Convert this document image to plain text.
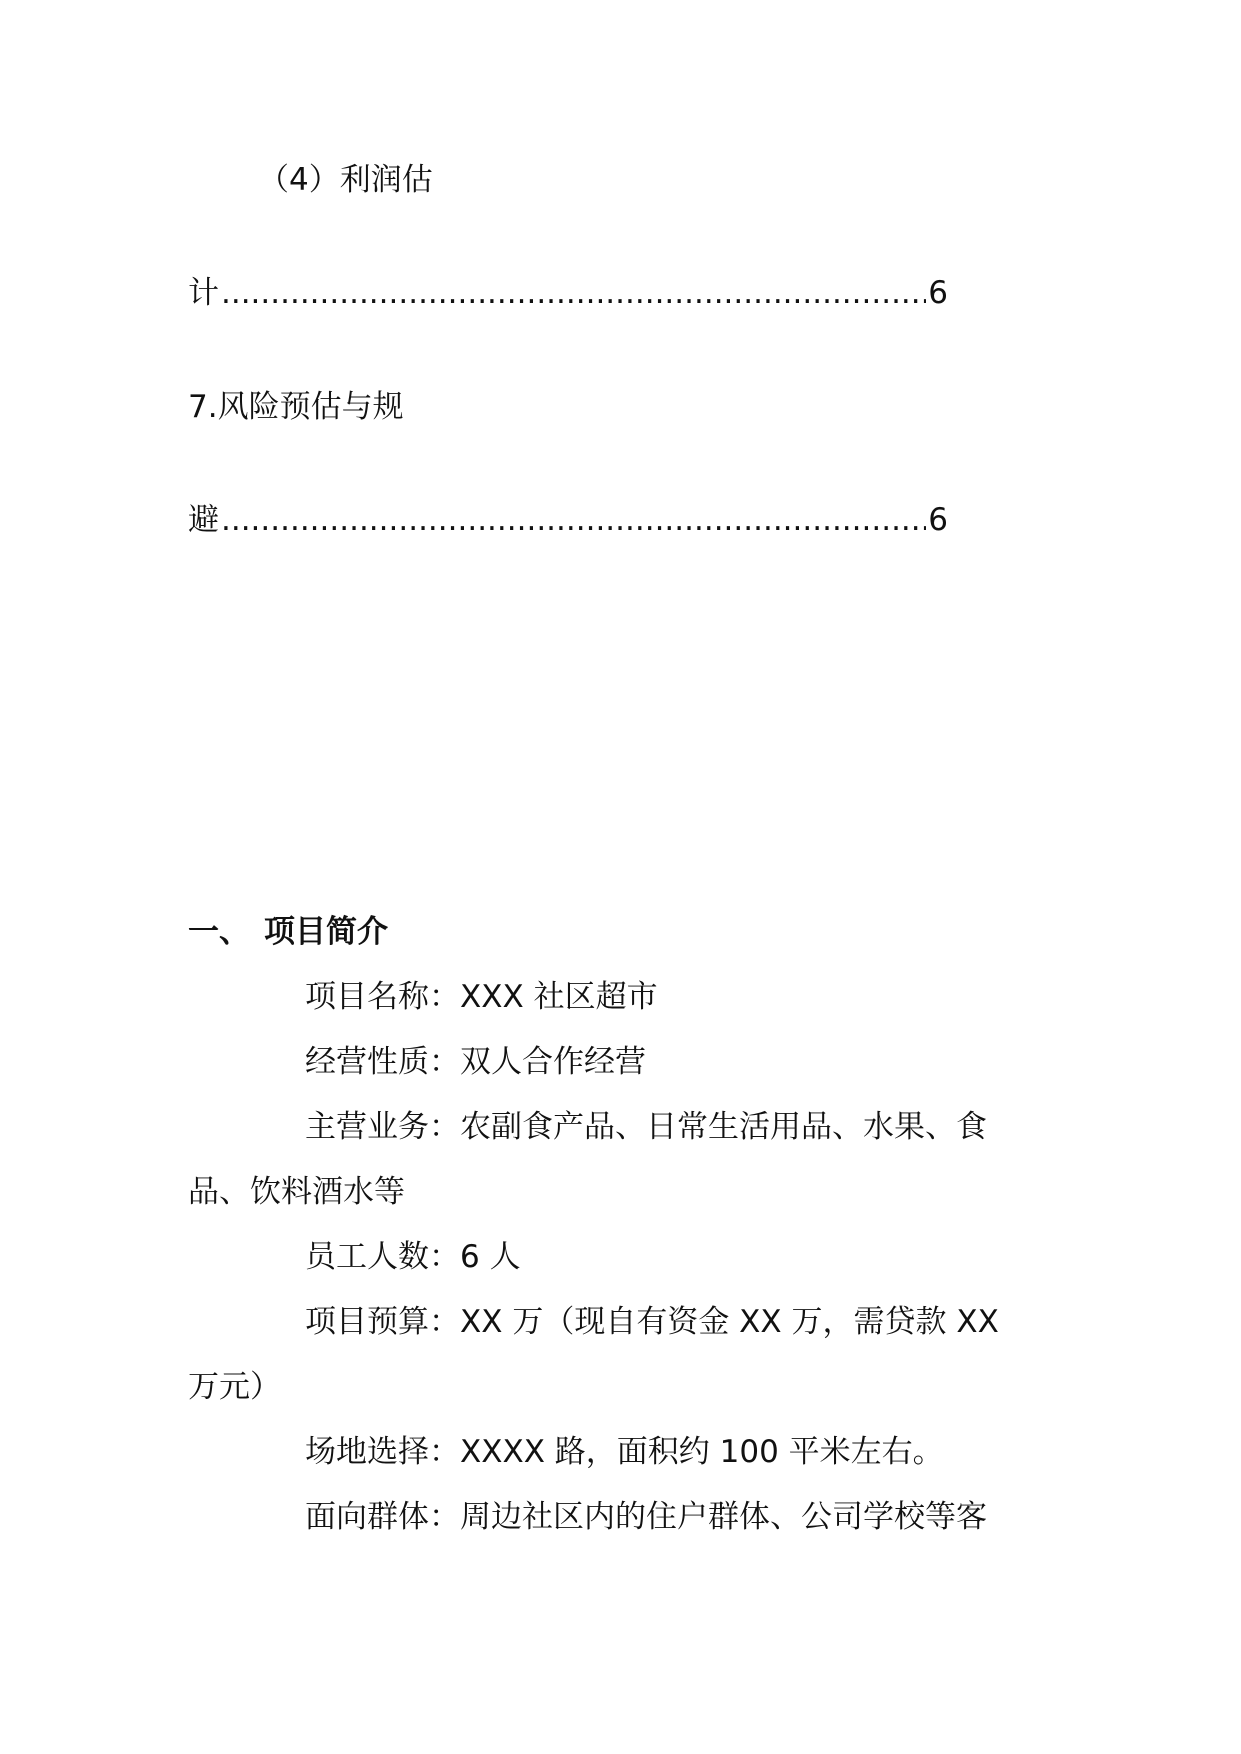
（4）利润估
计 .....	6
7.风险预估与规
避 .....	6
一、 项目简介
项目名称：XXX 社区超市
经营性质：双人合作经营
主营业务：农副食产品、日常生活用品、水果、食
品、饮料酒水等
员工人数：6 人
项目预算：XX 万（现自有资金 XX 万，需贷款 XX
万元）
场地选择：XXXX 路，面积约 100 平米左右。
面向群体：周边社区内的住户群体、公司学校等客
